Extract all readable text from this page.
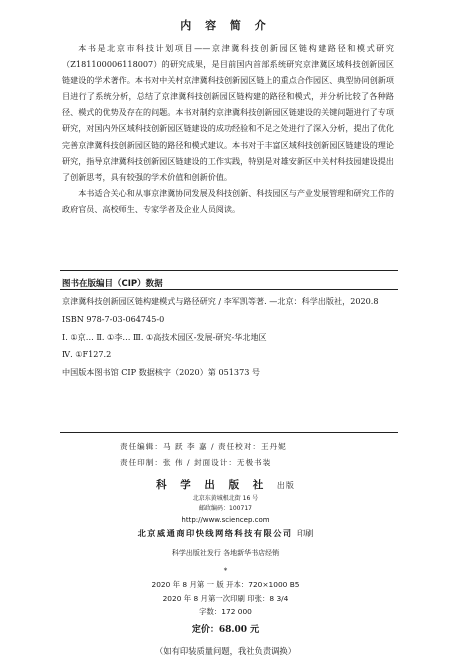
内 容 简 介

本书是北京市科技计划项目——京津冀科技创新园区链构建路径和模式研究（Z181100006118007）的研究成果，是目前国内首部系统研究京津冀区域科技创新园区链建设的学术著作。本书对中关村京津冀科技创新园区链上的重点合作园区、典型协同创新项目进行了系统分析，总结了京津冀科技创新园区链构建的路径和模式，并分析比较了各种路径、模式的优势及存在的问题。本书对制约京津冀科技创新园区链建设的关键问题进行了专项研究，对国内外区域科技创新园区链建设的成功经验和不足之处进行了深入分析，提出了优化完善京津冀科技创新园区链的路径和模式建议。本书对于丰富区域科技创新园区链建设的理论研究，指导京津冀科技创新园区链建设的工作实践，特别是对雄安新区中关村科技园建设提出了创新思考，具有较强的学术价值和创新价值。

本书适合关心和从事京津冀协同发展及科技创新、科技园区与产业发展管理和研究工作的政府官员、高校师生、专家学者及企业人员阅读。

图书在版编目（CIP）数据
京津冀科技创新园区链构建模式与路径研究 / 李军凯等著. —北京：科学出版社，2020.8
ISBN 978-7-03-064745-0
Ⅰ. ①京… Ⅱ. ①李… Ⅲ. ①高技术园区-发展-研究-华北地区
Ⅳ. ①F127.2
中国版本图书馆 CIP 数据核字（2020）第 051373 号
责任编辑：马 跃 李 嘉 / 责任校对：王丹妮
责任印制：张 伟 / 封面设计：无极书装
科 学 出 版 社 出版
北京东黄城根北街 16 号
邮政编码：100717
http://www.sciencep.com
北京威通商印快线网络科技有限公司 印刷
科学出版社发行 各地新华书店经销
*
2020 年 8 月第 一 版 开本：720×1000 B5
2020 年 8 月第一次印刷 印张：8 3/4
字数：172 000
定价：68.00 元
（如有印装质量问题，我社负责调换）
